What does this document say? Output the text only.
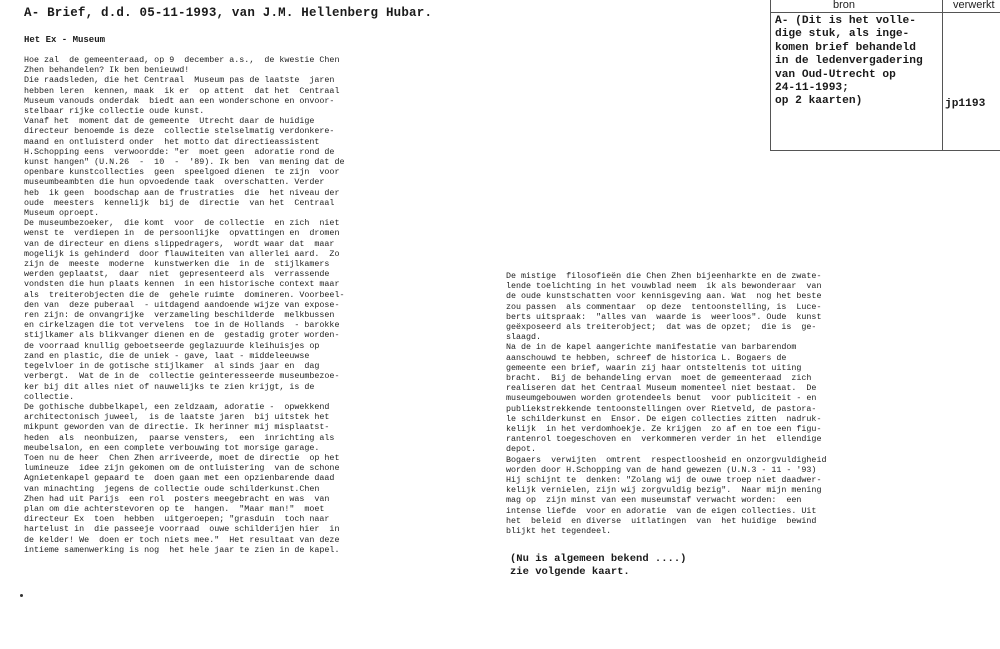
A- Brief, d.d. 05-11-1993, van J.M. Hellenberg Hubar.
Het Ex - Museum
Hoe zal  de gemeenteraad, op 9  december a.s.,  de kwestie Chen
Zhen behandelen? Ik ben benieuwd!
Die raadsleden, die het Centraal  Museum pas de laatste  jaren
hebben leren  kennen, maak  ik er  op attent  dat het  Centraal
Museum vanouds onderdak  biedt aan een wonderschone en onvoor-
stelbaar rijke collectie oude kunst.
Vanaf het  moment dat de gemeente  Utrecht daar de huidige
directeur benoemde is deze  collectie stelselmatig verdonkere-
maand en ontluisterd onder  het motto dat directieassistent
H.Schopping eens  verwoordde: "er  moet geen  adoratie rond de
kunst hangen" (U.N.26  -  10  -  '89). Ik ben  van mening dat de
openbare kunstcollecties  geen  speelgoed dienen  te zijn  voor
museumbeambten die hun opvoedende taak  overschatten. Verder
heb  ik geen  boodschap aan de frustraties  die  het niveau der
oude  meesters  kennelijk  bij de  directie  van het  Centraal
Museum oproept.
De museumbezoeker,  die komt  voor  de collectie  en zich  niet
wenst te  verdiepen in  de persoonlijke  opvattingen en  dromen
van de directeur en diens slippedragers,  wordt waar dat  maar
mogelijk is gehinderd  door flauwiteiten van allerlei aard.  Zo
zijn de  meeste  moderne  kunstwerken die  in de  stijlkamers
werden geplaatst,  daar  niet  gepresenteerd als  verrassende
vondsten die hun plaats kennen  in een historische context maar
als  treiterobjecten die de  gehele ruimte  domineren. Voorbeel-
den van  deze puberaal  - uitdagend aandoende wijze van expose-
ren zijn: de onvangrijke  verzameling beschilderde  melkbussen
en cirkelzagen die tot vervelens  toe in de Hollands  - barokke
stijlkamer als blikvanger dienen en de  gestadig groter worden-
de voorraad knullig geboetseerde geglazuurde kleihuisjes op
zand en plastic, die de uniek - gave, laat - middeleeuwse
tegelvloer in de gotische stijlkamer  al sinds jaar en  dag
verbergt.  Wat de in de  collectie geinteresseerde museumbezoe-
ker bij dit alles niet of nauwelijks te zien krijgt, is de
collectie.
De gothische dubbelkapel, een zeldzaam, adoratie -  opwekkend
architectonisch juweel,  is de laatste jaren  bij uitstek het
mikpunt geworden van de directie. Ik herinner mij misplaatst-
heden  als  neonbuizen,  paarse vensters,  een  inrichting als
meubelsalon, en een complete verbouwing tot morsige garage.
Toen nu de heer  Chen Zhen arriveerde, moet de directie  op het
lumineuze  idee zijn gekomen om de ontluistering  van de schone
Agnietenkapel gepaard te  doen gaan met een opzienbarende daad
van minachting  jegens de collectie oude schilderkunst.Chen
Zhen had uit Parijs  een rol  posters meegebracht en was  van
plan om die achterstevoren op te  hangen.  "Maar man!"  moet
directeur Ex  toen  hebben  uitgeroepen; "grasduin  toch naar
hartelust in  die passeeje voorraad  ouwe schilderijen hier  in
de kelder! We  doen er toch niets mee."  Het resultaat van deze
intieme samenwerking is nog  het hele jaar te zien in de kapel.
De mistige  filosofieën die Chen Zhen bijeenharkte en de zwate-
lende toelichting in het vouwblad neem  ik als bewonderaar  van
de oude kunstschatten voor kennisgeving aan. Wat  nog het beste
zou passen  als commentaar  op deze  tentoonstelling, is  Luce-
berts uitspraak:  "alles van  waarde is  weerloos". Oude  kunst
geëxposeerd als treiterobject;  dat was de opzet;  die is  ge-
slaagd.
Na de in de kapel aangerichte manifestatie van barbarendom
aanschouwd te hebben, schreef de historica L. Bogaers de
gemeente een brief, waarin zij haar ontsteltenis tot uiting
bracht.  Bij de behandeling ervan  moet de gemeenteraad  zich
realiseren dat het Centraal Museum momenteel niet bestaat.  De
museumgebouwen worden grotendeels benut  voor publiciteit - en
publiekstrekkende tentoonstellingen over Rietveld, de pastora-
le schilderkunst en  Ensor. De eigen collecties zitten  nadruk-
kelijk  in het verdomhoekje. Ze krijgen  zo af en toe een figu-
rantenrol toegeschoven en  verkommeren verder in het  ellendige
depot.
Bogaers  verwijten  omtrent  respectloosheid en onzorgvuldigheid
worden door H.Schopping van de hand gewezen (U.N.3 - 11 - '93)
Hij schijnt te  denken: "Zolang wij de ouwe troep niet daadwer-
kelijk vernielen, zijn wij zorgvuldig bezig".  Naar mijn mening
mag op  zijn minst van een museumstaf verwacht worden:  een
intense liefde  voor en adoratie  van de eigen collecties. Uit
het  beleid  en diverse  uitlatingen  van  het huidige  bewind
blijkt het tegendeel.
(Nu is algemeen bekend ....)
zie volgende kaart.
bron	verwerkt
A- (Dit is het volle-
dige stuk, als inge-
komen brief behandeld
in de ledenvergadering
van Oud-Utrecht op
24-11-1993;
op 2 kaarten)	jp1193
